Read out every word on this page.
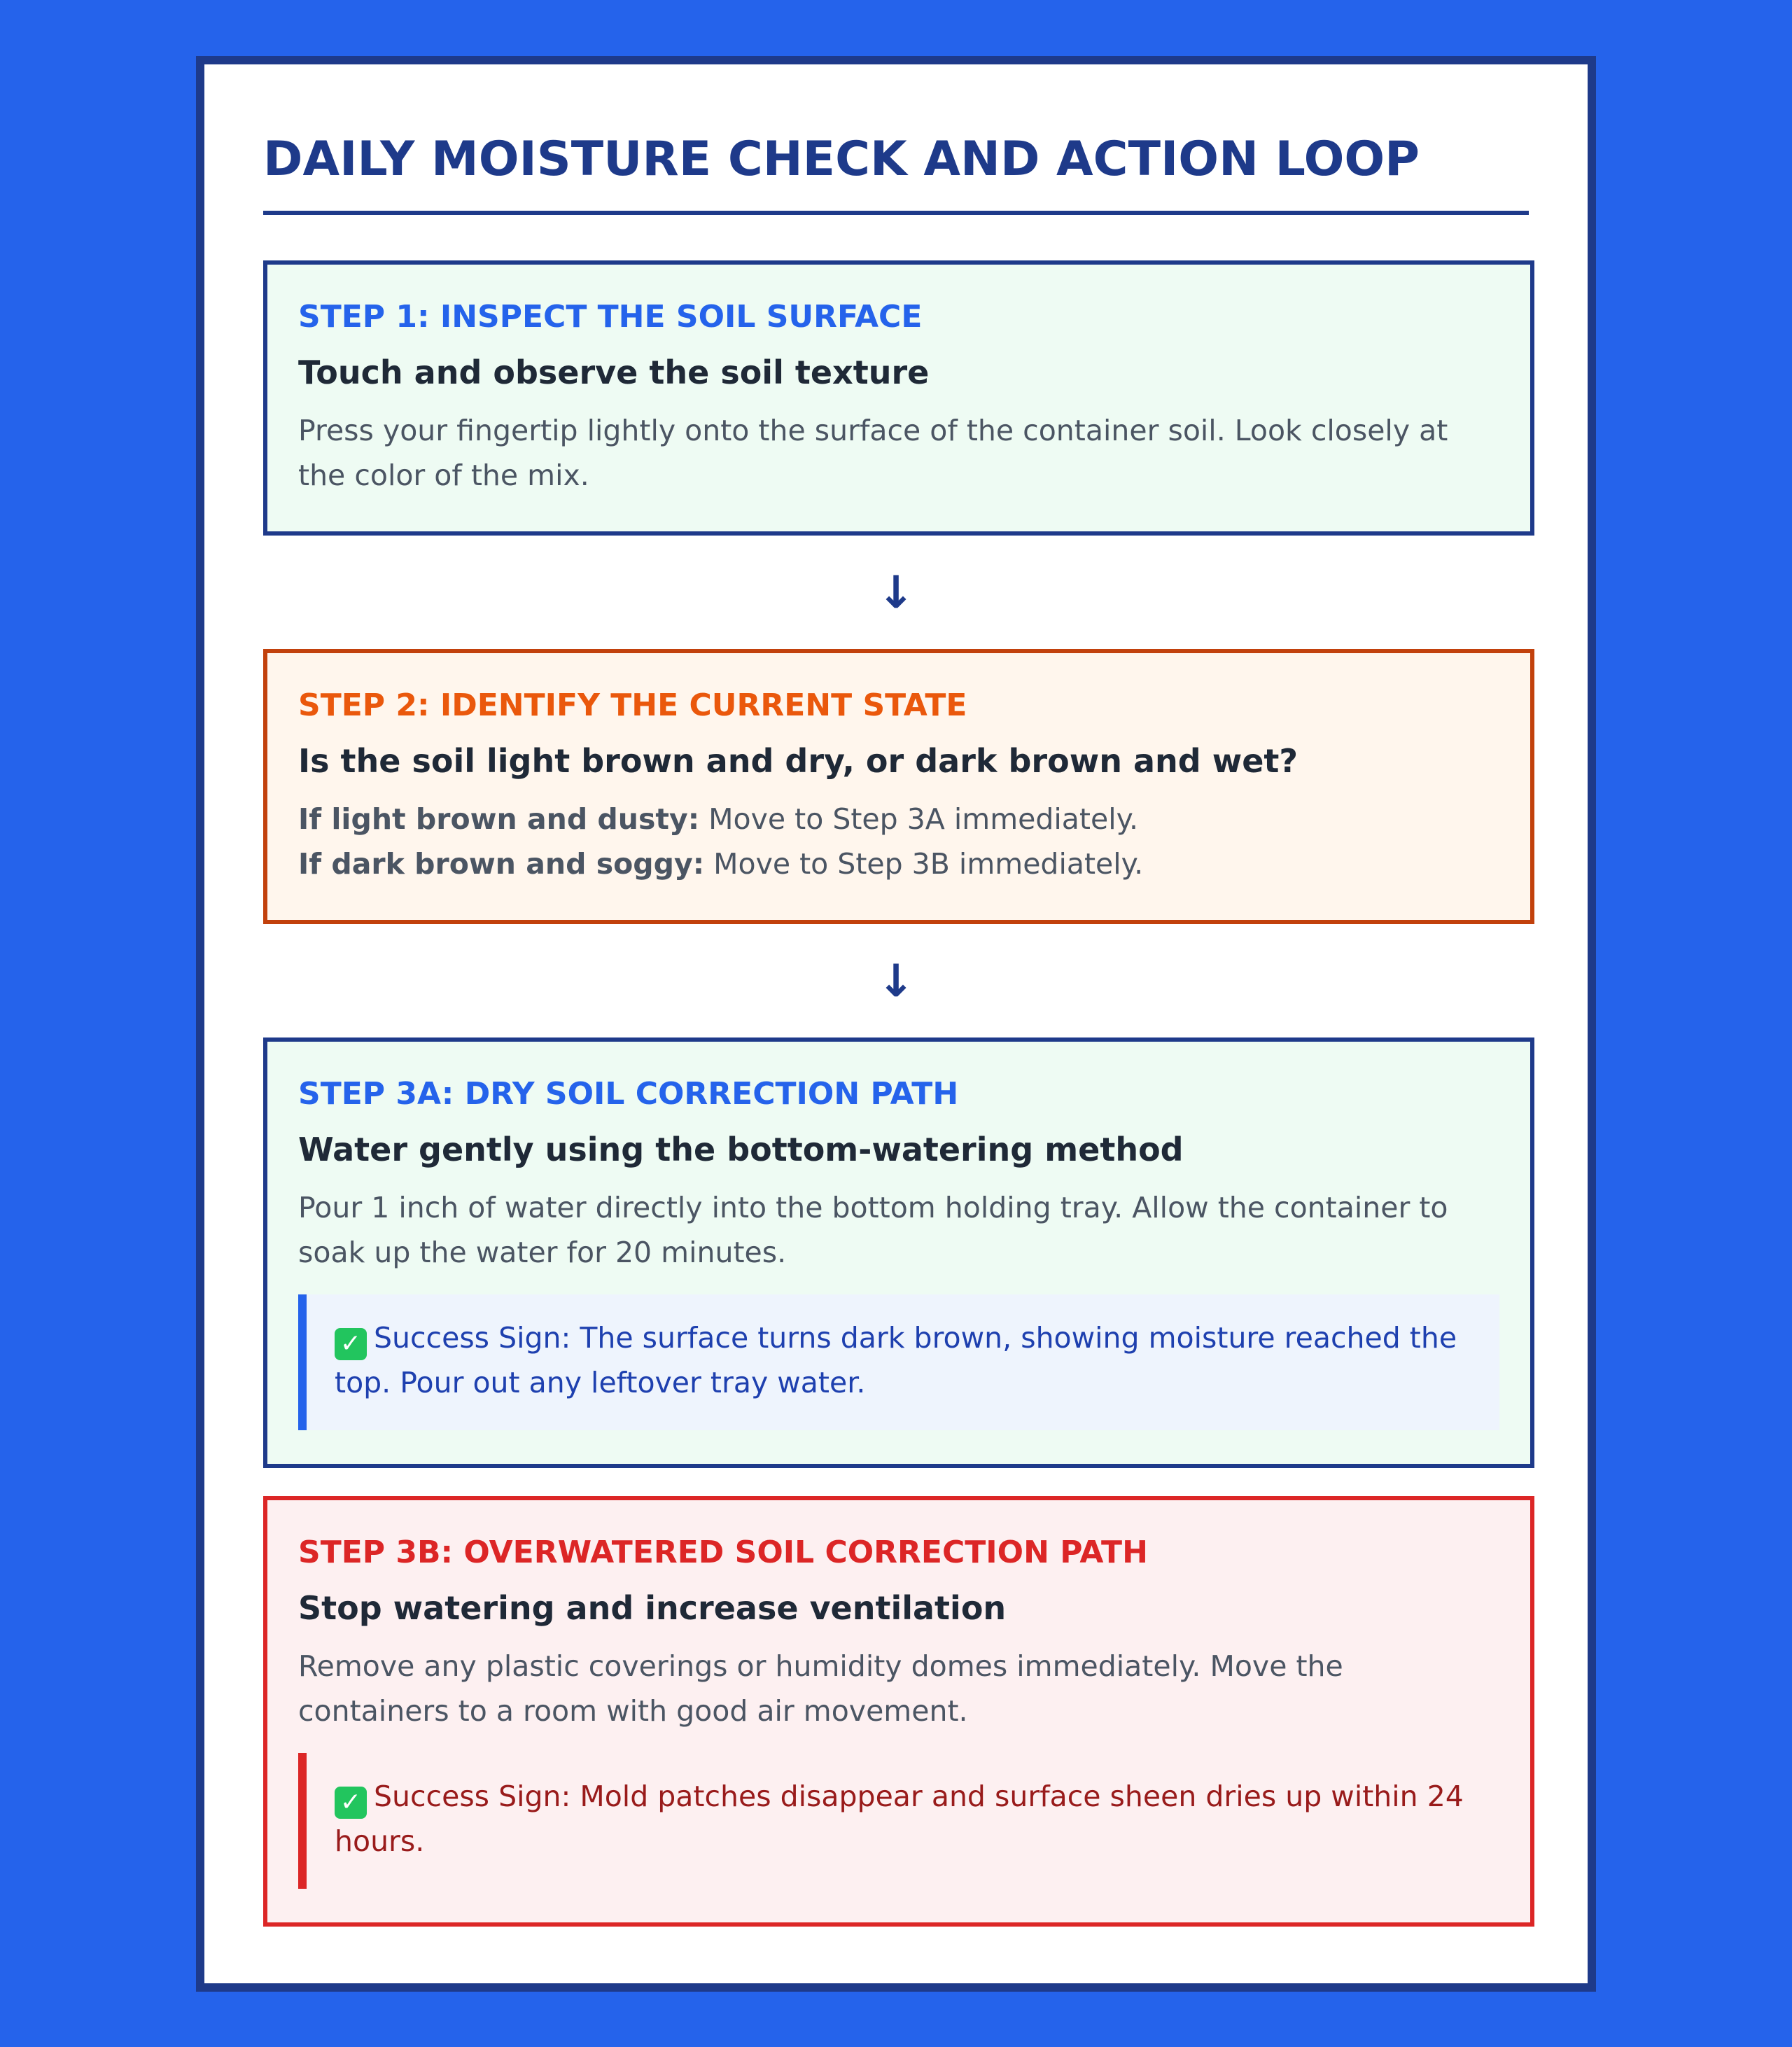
DAILY MOISTURE CHECK AND ACTION LOOP
STEP 1: INSPECT THE SOIL SURFACE
Touch and observe the soil texture
Press your fingertip lightly onto the surface of the container soil. Look closely at the color of the mix.
↓
STEP 2: IDENTIFY THE CURRENT STATE
Is the soil light brown and dry, or dark brown and wet?
If light brown and dusty: Move to Step 3A immediately.
If dark brown and soggy: Move to Step 3B immediately.
↓
STEP 3A: DRY SOIL CORRECTION PATH
Water gently using the bottom-watering method
Pour 1 inch of water directly into the bottom holding tray. Allow the container to soak up the water for 20 minutes.
✓ Success Sign: The surface turns dark brown, showing moisture reached the top. Pour out any leftover tray water.
STEP 3B: OVERWATERED SOIL CORRECTION PATH
Stop watering and increase ventilation
Remove any plastic coverings or humidity domes immediately. Move the containers to a room with good air movement.
✓ Success Sign: Mold patches disappear and surface sheen dries up within 24 hours.
